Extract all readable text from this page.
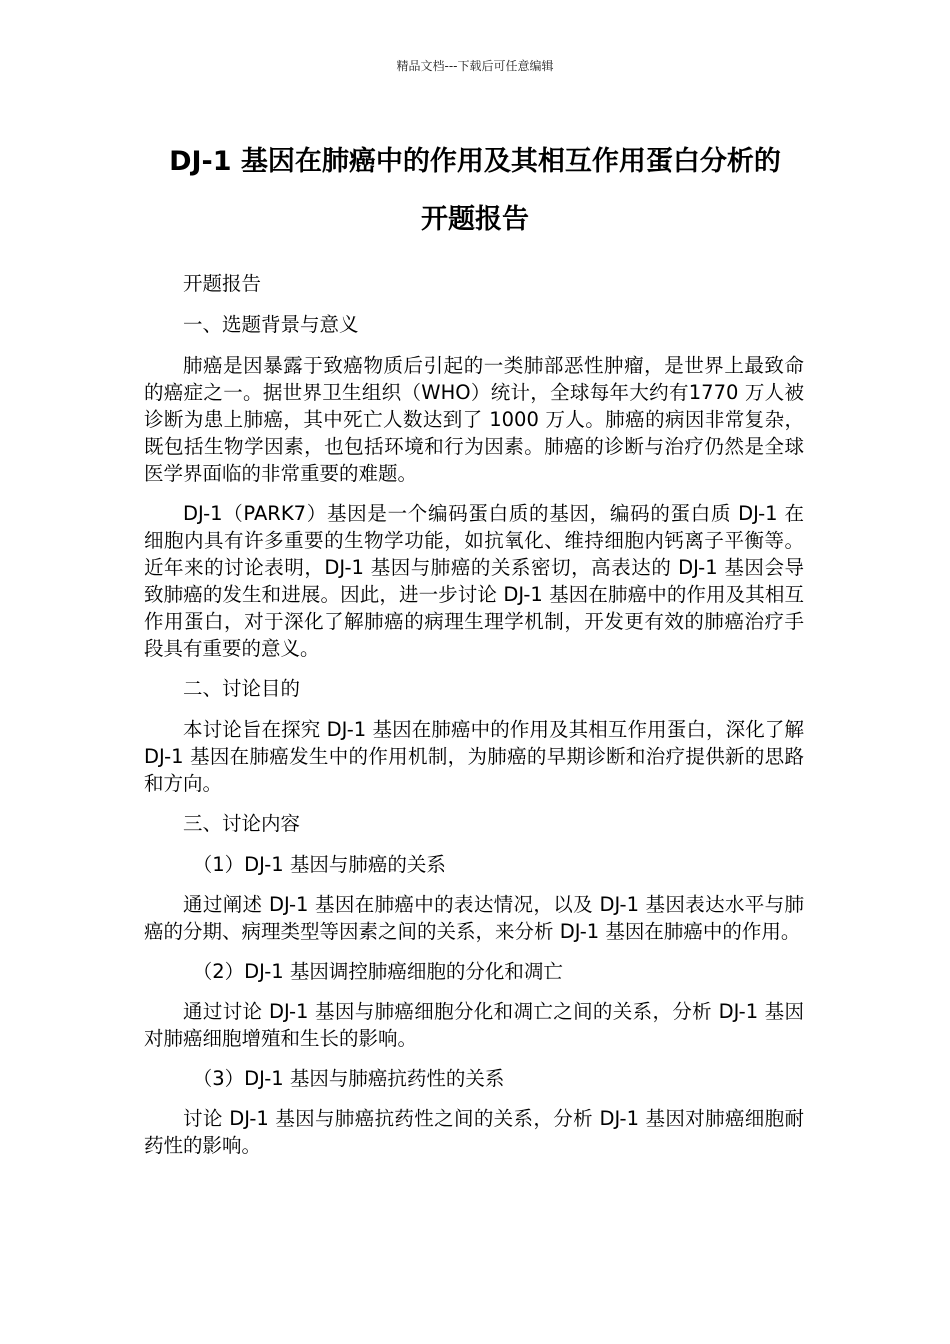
精品文档---下载后可任意编辑
DJ-1 基因在肺癌中的作用及其相互作用蛋白分析的
开题报告

开题报告

一、选题背景与意义

肺癌是因暴露于致癌物质后引起的一类肺部恶性肿瘤，是世界上最致命的癌症之一。据世界卫生组织（WHO）统计，全球每年大约有1770 万人被诊断为患上肺癌，其中死亡人数达到了 1000 万人。肺癌的病因非常复杂，既包括生物学因素，也包括环境和行为因素。肺癌的诊断与治疗仍然是全球医学界面临的非常重要的难题。

DJ-1（PARK7）基因是一个编码蛋白质的基因，编码的蛋白质 DJ-1 在细胞内具有许多重要的生物学功能，如抗氧化、维持细胞内钙离子平衡等。近年来的讨论表明，DJ-1 基因与肺癌的关系密切，高表达的 DJ-1 基因会导致肺癌的发生和进展。因此，进一步讨论 DJ-1 基因在肺癌中的作用及其相互作用蛋白，对于深化了解肺癌的病理生理学机制，开发更有效的肺癌治疗手段具有重要的意义。

二、讨论目的

本讨论旨在探究 DJ-1 基因在肺癌中的作用及其相互作用蛋白，深化了解 DJ-1 基因在肺癌发生中的作用机制，为肺癌的早期诊断和治疗提供新的思路和方向。

三、讨论内容

（1）DJ-1 基因与肺癌的关系

通过阐述 DJ-1 基因在肺癌中的表达情况，以及 DJ-1 基因表达水平与肺癌的分期、病理类型等因素之间的关系，来分析 DJ-1 基因在肺癌中的作用。

（2）DJ-1 基因调控肺癌细胞的分化和凋亡

通过讨论 DJ-1 基因与肺癌细胞分化和凋亡之间的关系，分析 DJ-1 基因对肺癌细胞增殖和生长的影响。

（3）DJ-1 基因与肺癌抗药性的关系

讨论 DJ-1 基因与肺癌抗药性之间的关系，分析 DJ-1 基因对肺癌细胞耐药性的影响。
